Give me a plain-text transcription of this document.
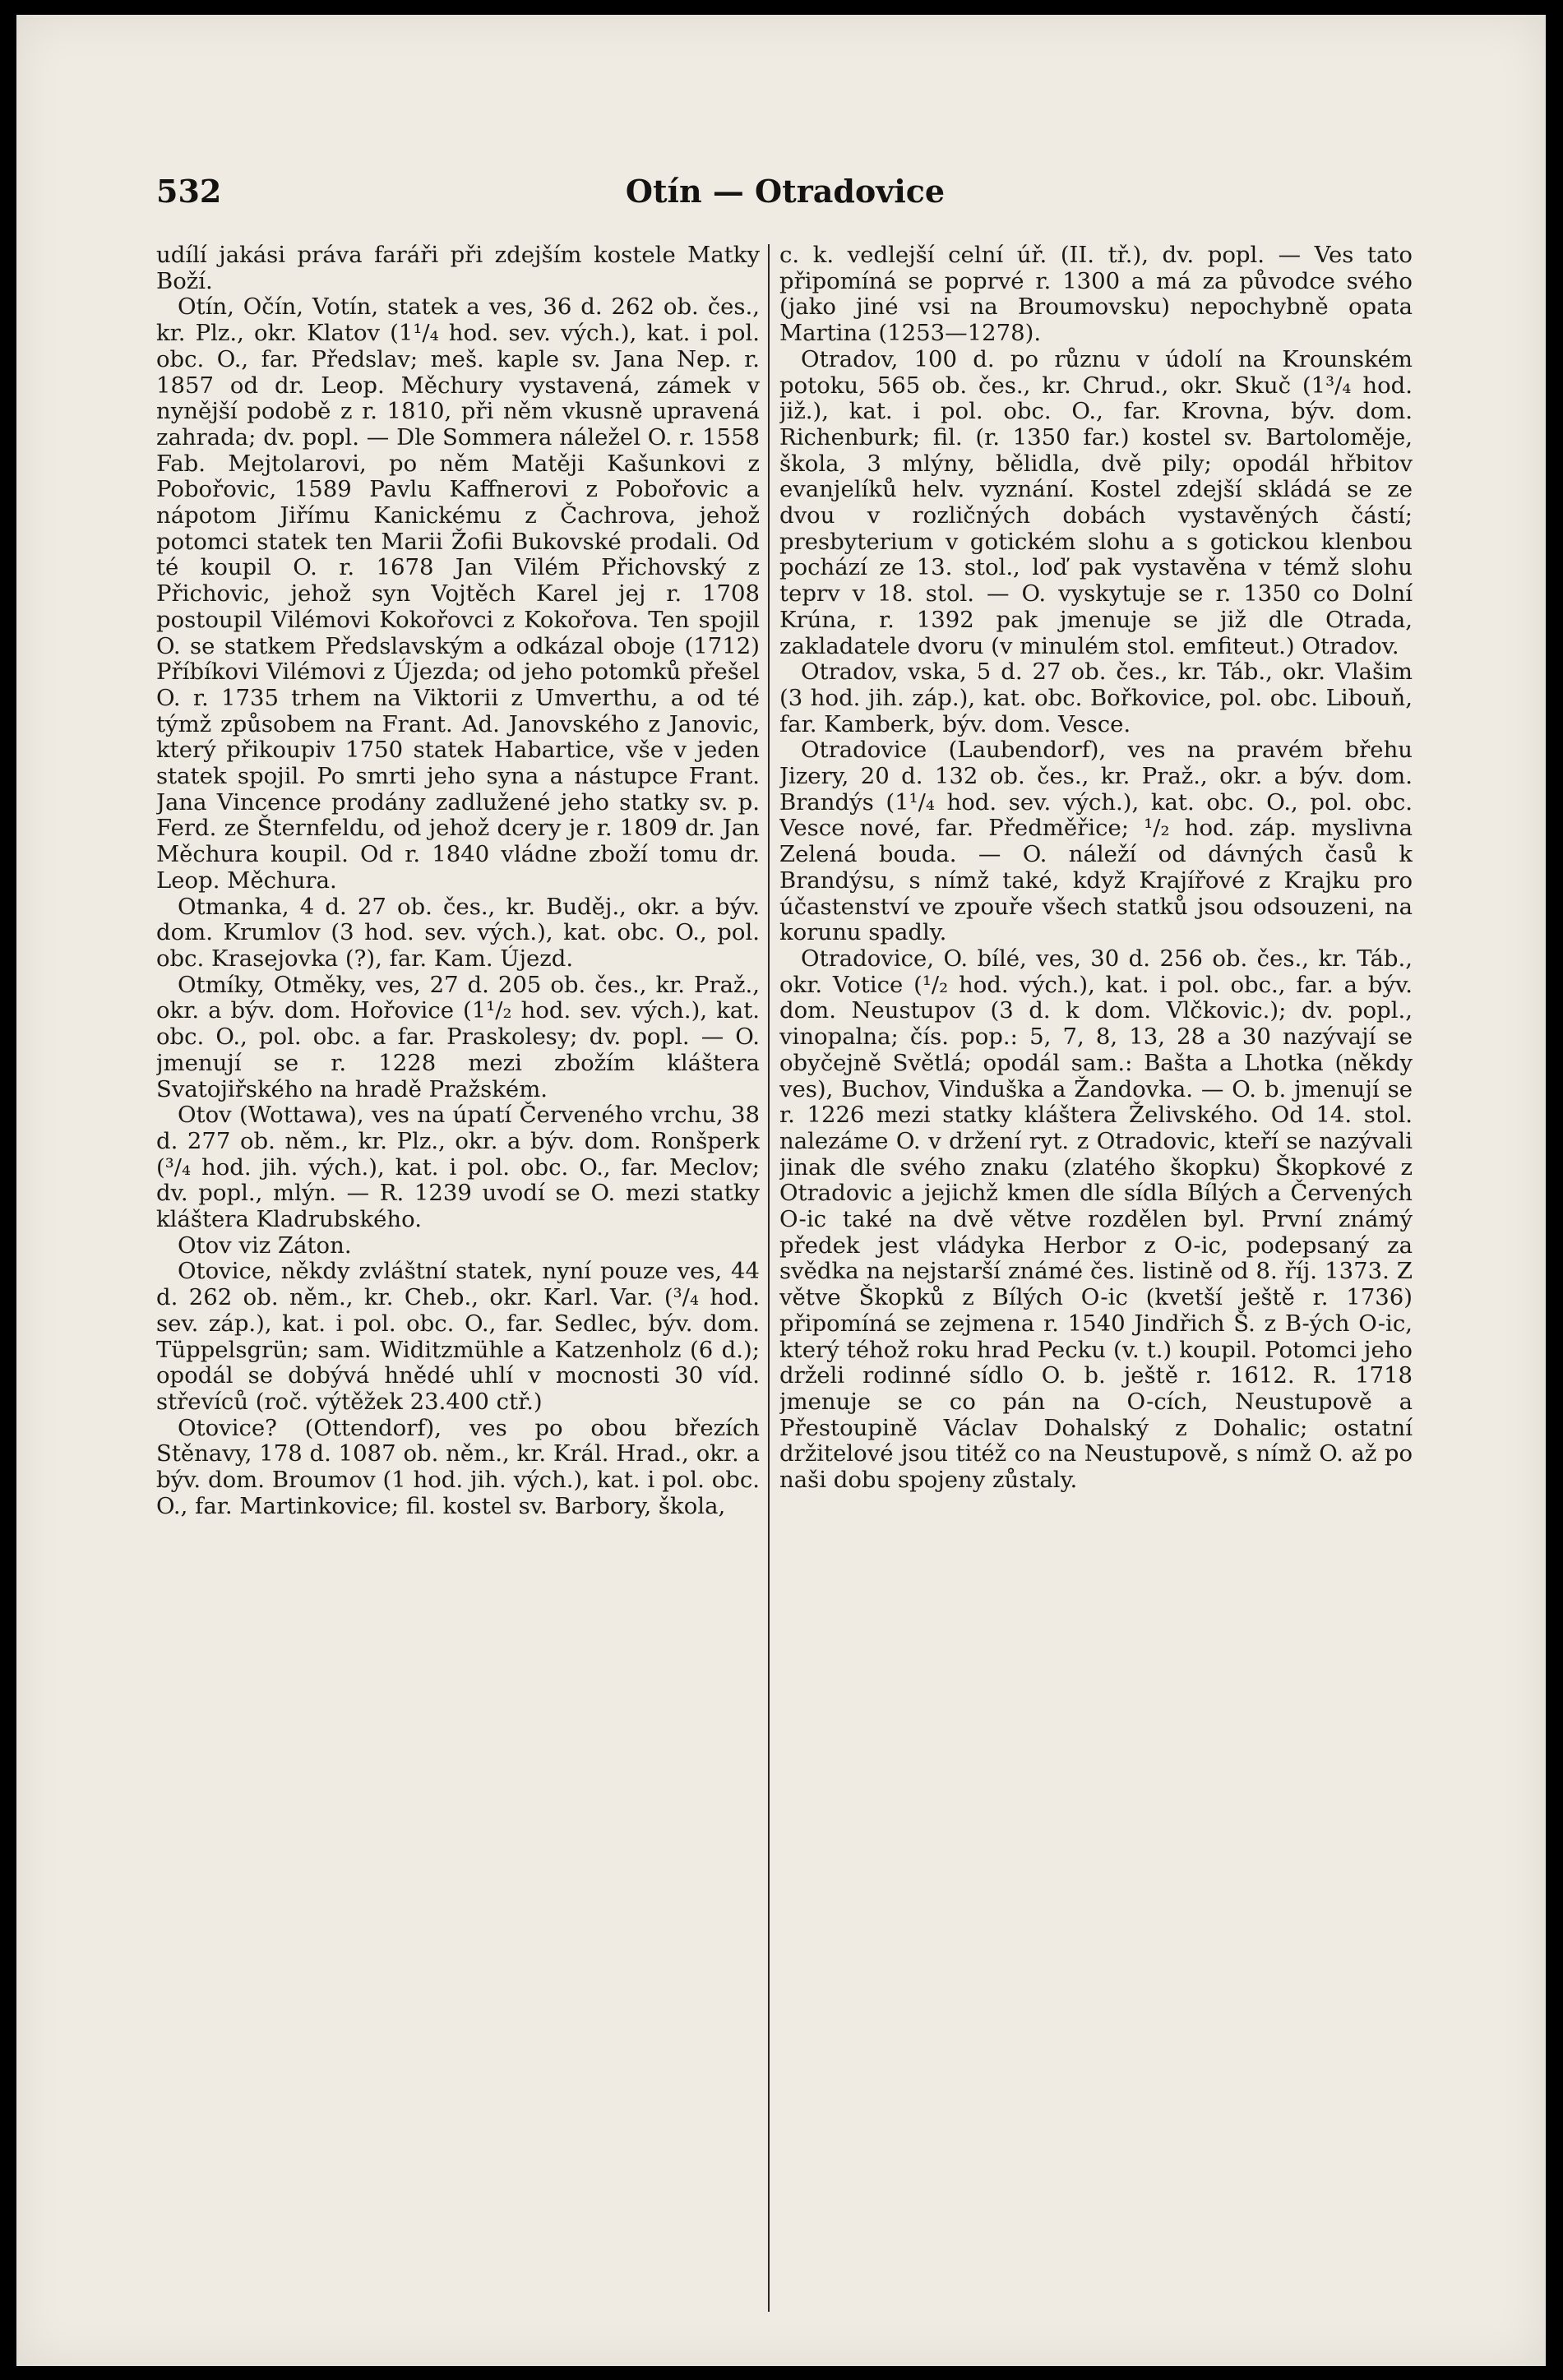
532	Otín — Otradovice

udílí jakási práva faráři při zdejším kostele Matky Boží.

Otín, Očín, Votín, statek a ves, 36 d. 262 ob. čes., kr. Plz., okr. Klatov (1¹/₄ hod. sev. vých.), kat. i pol. obc. O., far. Předslav; meš. kaple sv. Jana Nep. r. 1857 od dr. Leop. Měchury vystavená, zámek v nynější podobě z r. 1810, při něm vkusně upravená zahrada; dv. popl. — Dle Sommera náležel O. r. 1558 Fab. Mejtolarovi, po něm Matěji Kašunkovi z Pobořovic, 1589 Pavlu Kaffnerovi z Pobořovic a nápotom Jiřímu Kanickému z Čachrova, jehož potomci statek ten Marii Žofii Bukovské prodali. Od té koupil O. r. 1678 Jan Vilém Přichovský z Přichovic, jehož syn Vojtěch Karel jej r. 1708 postoupil Vilémovi Kokořovci z Kokořova. Ten spojil O. se statkem Předslavským a odkázal oboje (1712) Příbíkovi Vilémovi z Újezda; od jeho potomků přešel O. r. 1735 trhem na Viktorii z Umverthu, a od té týmž způsobem na Frant. Ad. Janovského z Janovic, který přikoupiv 1750 statek Habartice, vše v jeden statek spojil. Po smrti jeho syna a nástupce Frant. Jana Vincence prodány zadlužené jeho statky sv. p. Ferd. ze Šternfeldu, od jehož dcery je r. 1809 dr. Jan Měchura koupil. Od r. 1840 vládne zboží tomu dr. Leop. Měchura.

Otmanka, 4 d. 27 ob. čes., kr. Buděj., okr. a býv. dom. Krumlov (3 hod. sev. vých.), kat. obc. O., pol. obc. Krasejovka (?), far. Kam. Újezd.

Otmíky, Otměky, ves, 27 d. 205 ob. čes., kr. Praž., okr. a býv. dom. Hořovice (1¹/₂ hod. sev. vých.), kat. obc. O., pol. obc. a far. Praskolesy; dv. popl. — O. jmenují se r. 1228 mezi zbožím kláštera Svatojiřského na hradě Pražském.

Otov (Wottawa), ves na úpatí Červeného vrchu, 38 d. 277 ob. něm., kr. Plz., okr. a býv. dom. Ronšperk (³/₄ hod. jih. vých.), kat. i pol. obc. O., far. Meclov; dv. popl., mlýn. — R. 1239 uvodí se O. mezi statky kláštera Kladrubského.

Otov viz Záton.

Otovice, někdy zvláštní statek, nyní pouze ves, 44 d. 262 ob. něm., kr. Cheb., okr. Karl. Var. (³/₄ hod. sev. záp.), kat. i pol. obc. O., far. Sedlec, býv. dom. Tüppelsgrün; sam. Widitzmühle a Katzenholz (6 d.); opodál se dobývá hnědé uhlí v mocnosti 30 víd. střevíců (roč. výtěžek 23.400 ctř.)

Otovice? (Ottendorf), ves po obou březích Stěnavy, 178 d. 1087 ob. něm., kr. Král. Hrad., okr. a býv. dom. Broumov (1 hod. jih. vých.), kat. i pol. obc. O., far. Martinkovice; fil. kostel sv. Barbory, škola,

c. k. vedlejší celní úř. (II. tř.), dv. popl. — Ves tato připomíná se poprvé r. 1300 a má za původce svého (jako jiné vsi na Broumovsku) nepochybně opata Martina (1253—1278).

Otradov, 100 d. po různu v údolí na Krounském potoku, 565 ob. čes., kr. Chrud., okr. Skuč (1³/₄ hod. již.), kat. i pol. obc. O., far. Krovna, býv. dom. Richenburk; fil. (r. 1350 far.) kostel sv. Bartoloměje, škola, 3 mlýny, bělidla, dvě pily; opodál hřbitov evanjelíků helv. vyznání. Kostel zdejší skládá se ze dvou v rozličných dobách vystavěných částí; presbyterium v gotickém slohu a s gotickou klenbou pochází ze 13. stol., loď pak vystavěna v témž slohu teprv v 18. stol. — O. vyskytuje se r. 1350 co Dolní Krúna, r. 1392 pak jmenuje se již dle Otrada, zakladatele dvoru (v minulém stol. emfiteut.) Otradov.

Otradov, vska, 5 d. 27 ob. čes., kr. Táb., okr. Vlašim (3 hod. jih. záp.), kat. obc. Bořkovice, pol. obc. Libouň, far. Kamberk, býv. dom. Vesce.

Otradovice (Laubendorf), ves na pravém břehu Jizery, 20 d. 132 ob. čes., kr. Praž., okr. a býv. dom. Brandýs (1¹/₄ hod. sev. vých.), kat. obc. O., pol. obc. Vesce nové, far. Předměřice; ¹/₂ hod. záp. myslivna Zelená bouda. — O. náleží od dávných časů k Brandýsu, s nímž také, když Krajířové z Krajku pro účastenství ve zpouře všech statků jsou odsouzeni, na korunu spadly.

Otradovice, O. bílé, ves, 30 d. 256 ob. čes., kr. Táb., okr. Votice (¹/₂ hod. vých.), kat. i pol. obc., far. a býv. dom. Neustupov (3 d. k dom. Vlčkovic.); dv. popl., vinopalna; čís. pop.: 5, 7, 8, 13, 28 a 30 nazývají se obyčejně Světlá; opodál sam.: Bašta a Lhotka (někdy ves), Buchov, Vinduška a Žandovka. — O. b. jmenují se r. 1226 mezi statky kláštera Želivského. Od 14. stol. nalezáme O. v držení ryt. z Otradovic, kteří se nazývali jinak dle svého znaku (zlatého škopku) Škopkové z Otradovic a jejichž kmen dle sídla Bílých a Červených O-ic také na dvě větve rozdělen byl. První známý předek jest vládyka Herbor z O-ic, podepsaný za svědka na nejstarší známé čes. listině od 8. říj. 1373. Z větve Škopků z Bílých O-ic (kvetší ještě r. 1736) připomíná se zejmena r. 1540 Jindřich Š. z B-ých O-ic, který téhož roku hrad Pecku (v. t.) koupil. Potomci jeho drželi rodinné sídlo O. b. ještě r. 1612. R. 1718 jmenuje se co pán na O-cích, Neustupově a Přestoupině Václav Dohalský z Dohalic; ostatní držitelové jsou titéž co na Neustupově, s nímž O. až po naši dobu spojeny zůstaly.
